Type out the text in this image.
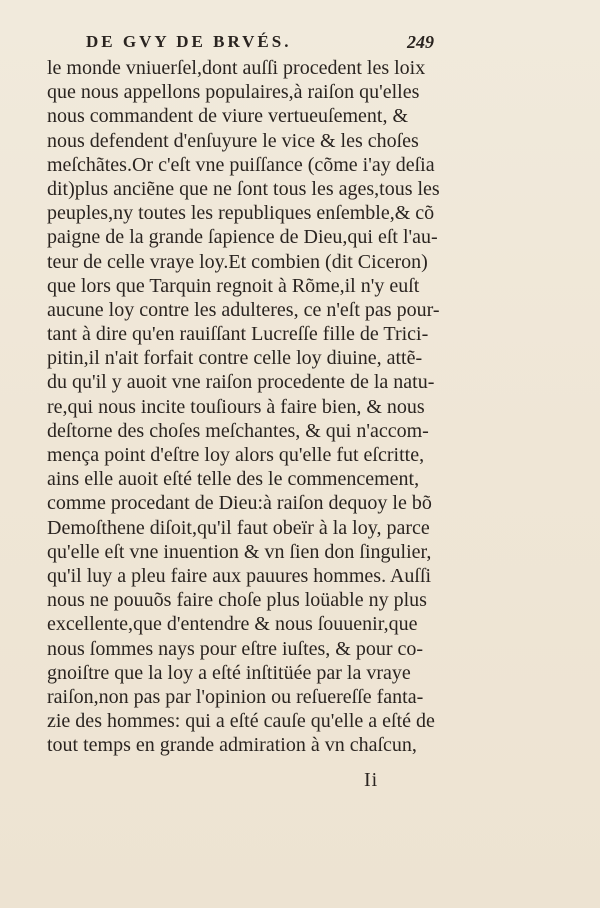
DE GVY DE BRVÉS.	249
le monde vniuerſel,dont auſſi procedent les loix
que nous appellons populaires,à raiſon qu'elles
nous commandent de viure vertueuſement, &
nous defendent d'enſuyure le vice & les choſes
meſchãtes.Or c'eſt vne puiſſance (cõme i'ay deſia
dit)plus anciẽne que ne ſont tous les ages,tous les
peuples,ny toutes les republiques enſemble,& cõ
paigne de la grande ſapience de Dieu,qui eſt l'au-
teur de celle vraye loy.Et combien (dit Ciceron)
que lors que Tarquin regnoit à Rõme,il n'y euſt
aucune loy contre les adulteres, ce n'eſt pas pour-
tant à dire qu'en rauiſſant Lucreſſe fille de Trici-
pitin,il n'ait forfait contre celle loy diuine, attẽ-
du qu'il y auoit vne raiſon procedente de la natu-
re,qui nous incite touſiours à faire bien, & nous
deſtorne des choſes meſchantes, & qui n'accom-
mença point d'eſtre loy alors qu'elle fut eſcritte,
ains elle auoit eſté telle des le commencement,
comme procedant de Dieu:à raiſon dequoy le bõ
Demoſthene diſoit,qu'il faut obeïr à la loy, parce
qu'elle eſt vne inuention & vn ſien don ſingulier,
qu'il luy a pleu faire aux pauures hommes. Auſſi
nous ne pouuõs faire choſe plus loüable ny plus
excellente,que d'entendre & nous ſouuenir,que
nous ſommes nays pour eſtre iuſtes, & pour co-
gnoiſtre que la loy a eſté inſtitüée par la vraye
raiſon,non pas par l'opinion ou reſuereſſe fanta-
zie des hommes: qui a eſté cauſe qu'elle a eſté de
tout temps en grande admiration à vn chaſcun,
Ii
